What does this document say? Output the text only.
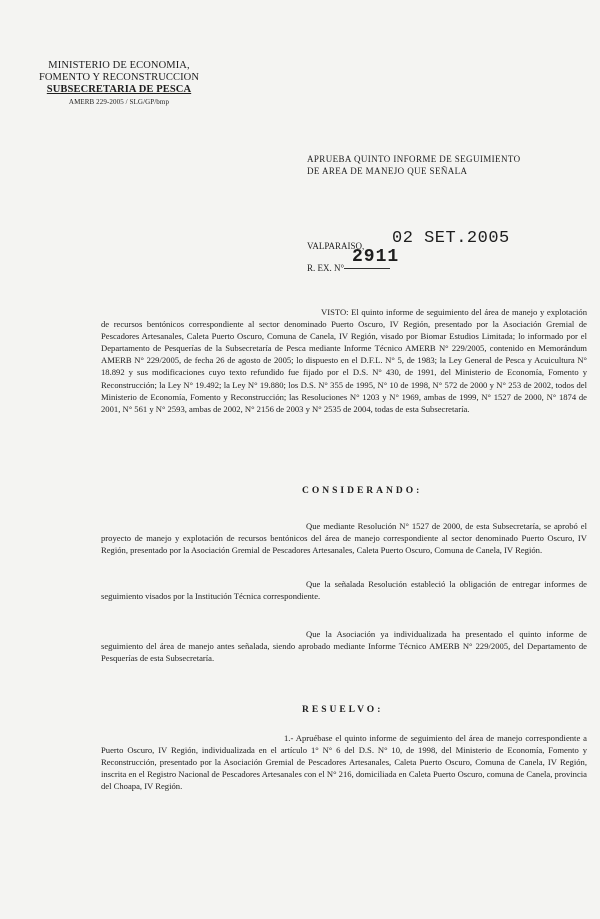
MINISTERIO DE ECONOMIA,
FOMENTO Y RECONSTRUCCION
SUBSECRETARIA DE PESCA
AMERB 229-2005 / SLG/GP/bmp
APRUEBA QUINTO INFORME DE SEGUIMIENTO
DE AREA DE MANEJO QUE SEÑALA
VALPARAISO, 02 SET.2005
R. EX. N°
2911

VISTO: El quinto informe de seguimiento del área de manejo y explotación de recursos bentónicos correspondiente al sector denominado Puerto Oscuro, IV Región, presentado por la Asociación Gremial de Pescadores Artesanales, Caleta Puerto Oscuro, Comuna de Canela, IV Región, visado por Biomar Estudios Limitada; lo informado por el Departamento de Pesquerías de la Subsecretaría de Pesca mediante Informe Técnico AMERB N° 229/2005, contenido en Memorándum AMERB N° 229/2005, de fecha 26 de agosto de 2005; lo dispuesto en el D.F.L. N° 5, de 1983; la Ley General de Pesca y Acuicultura N° 18.892 y sus modificaciones cuyo texto refundido fue fijado por el D.S. N° 430, de 1991, del Ministerio de Economía, Fomento y Reconstrucción; la Ley N° 19.492; la Ley N° 19.880; los D.S. N° 355 de 1995, N° 10 de 1998, N° 572 de 2000 y N° 253 de 2002, todos del Ministerio de Economía, Fomento y Reconstrucción; las Resoluciones N° 1203 y N° 1969, ambas de 1999, N° 1527 de 2000, N° 1874 de 2001, N° 561 y N° 2593, ambas de 2002, N° 2156 de 2003 y N° 2535 de 2004, todas de esta Subsecretaría.

CONSIDERANDO:

Que mediante Resolución N° 1527 de 2000, de esta Subsecretaría, se aprobó el proyecto de manejo y explotación de recursos bentónicos del área de manejo correspondiente al sector denominado Puerto Oscuro, IV Región, presentado por la Asociación Gremial de Pescadores Artesanales, Caleta Puerto Oscuro, Comuna de Canela, IV Región.

Que la señalada Resolución estableció la obligación de entregar informes de seguimiento visados por la Institución Técnica correspondiente.

Que la Asociación ya individualizada ha presentado el quinto informe de seguimiento del área de manejo antes señalada, siendo aprobado mediante Informe Técnico AMERB N° 229/2005, del Departamento de Pesquerías de esta Subsecretaría.

RESUELVO:

1.- Apruébase el quinto informe de seguimiento del área de manejo correspondiente a Puerto Oscuro, IV Región, individualizada en el artículo 1° N° 6 del D.S. N° 10, de 1998, del Ministerio de Economía, Fomento y Reconstrucción, presentado por la Asociación Gremial de Pescadores Artesanales, Caleta Puerto Oscuro, Comuna de Canela, IV Región, inscrita en el Registro Nacional de Pescadores Artesanales con el N° 216, domiciliada en Caleta Puerto Oscuro, comuna de Canela, provincia del Choapa, IV Región.
